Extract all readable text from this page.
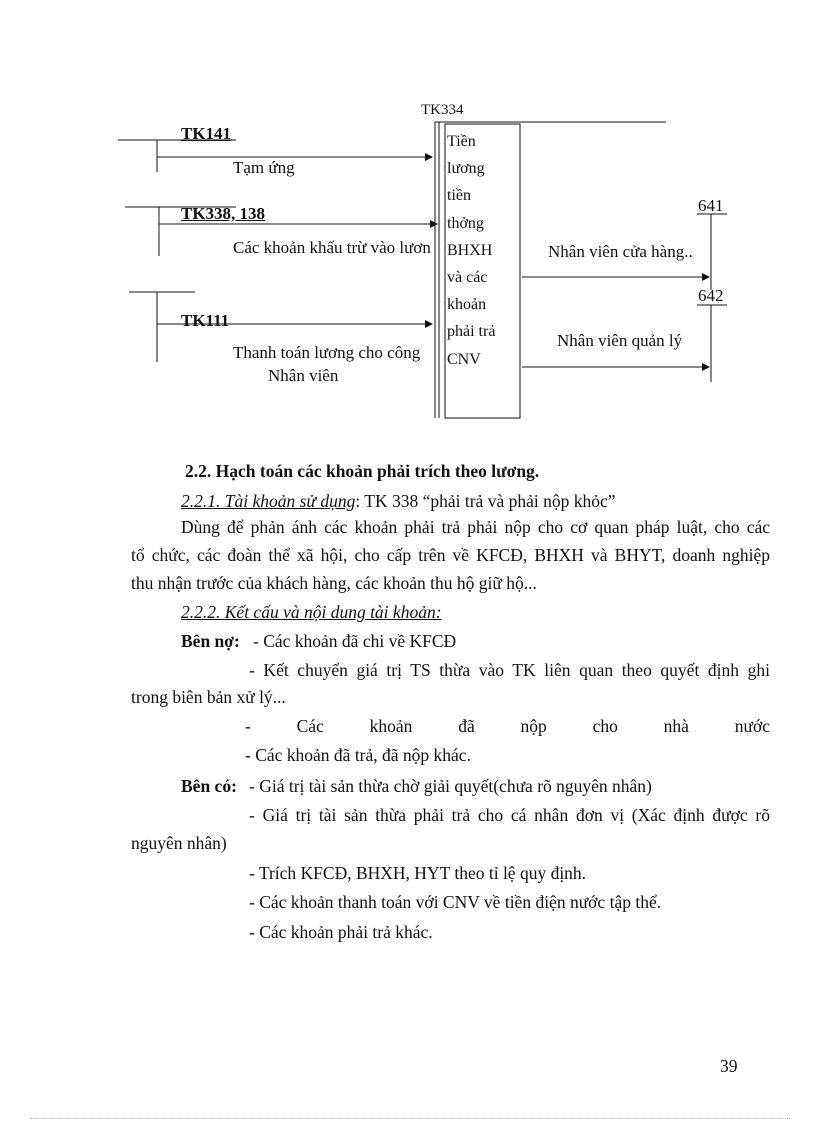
TK334
TK141
Tạm ứng
TK338, 138
Các khoản khấu trừ vào lươn
TK111
Thanh toán lương cho công
Nhân viên
Tiền
lương
tiền
thởng
BHXH
và các
khoản
phải trả
CNV
641
Nhân viên cửa hàng..
642
Nhân viên quản lý
2.2. Hạch toán các khoản phải trích theo lương.
2.2.1. Tài khoản sử dụng: TK 338 “phải trả và phải nộp khỏc”
Dùng để phản ánh các khoản phải trả phải nộp cho cơ quan pháp luật, cho các
tổ chức, các đoàn thể xã hội, cho cấp trên về KFCĐ, BHXH và BHYT, doanh nghiệp
thu nhận trước của khách hàng, các khoản thu hộ giữ hộ...
2.2.2. Kết cấu và nội dung tài khoản:
Bên nợ: - Các khoản đã chi về KFCĐ
- Kết chuyển giá trị TS thừa vào TK liên quan theo quyết định ghi
trong biên bản xử lý...
- Các khoản đã nộp cho nhà nước
- Các khoản đã trả, đã nộp khác.
Bên có: - Giá trị tài sản thừa chờ giải quyết(chưa rõ nguyên nhân)
- Giá trị tài sản thừa phải trả cho cá nhân đơn vị (Xác định được rõ
nguyên nhân)
- Trích KFCĐ, BHXH, HYT theo tỉ lệ quy định.
- Các khoản thanh toán với CNV về tiền điện nước tập thể.
- Các khoản phải trả khác.
39
